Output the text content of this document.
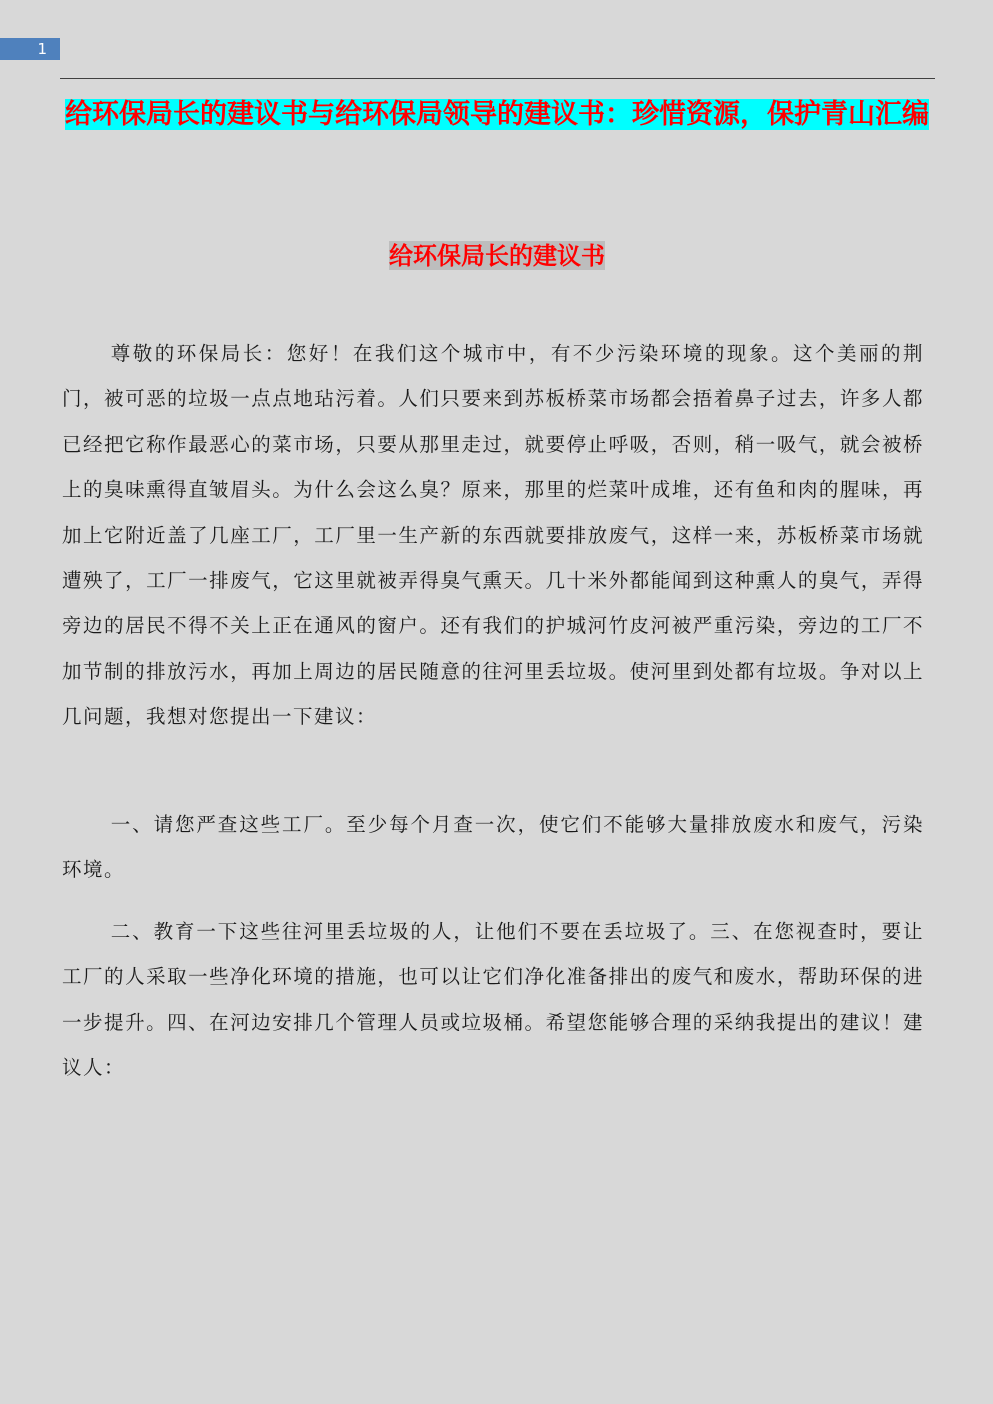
1
给环保局长的建议书与给环保局领导的建议书：珍惜资源，保护青山汇编
给环保局长的建议书

尊敬的环保局长：您好！在我们这个城市中，有不少污染环境的现象。这个美丽的荆门，被可恶的垃圾一点点地玷污着。人们只要来到苏板桥菜市场都会捂着鼻子过去，许多人都已经把它称作最恶心的菜市场，只要从那里走过，就要停止呼吸，否则，稍一吸气，就会被桥上的臭味熏得直皱眉头。为什么会这么臭？原来，那里的烂菜叶成堆，还有鱼和肉的腥味，再加上它附近盖了几座工厂，工厂里一生产新的东西就要排放废气，这样一来，苏板桥菜市场就遭殃了，工厂一排废气，它这里就被弄得臭气熏天。几十米外都能闻到这种熏人的臭气，弄得旁边的居民不得不关上正在通风的窗户。还有我们的护城河竹皮河被严重污染，旁边的工厂不加节制的排放污水，再加上周边的居民随意的往河里丢垃圾。使河里到处都有垃圾。争对以上几问题，我想对您提出一下建议：

一、请您严查这些工厂。至少每个月查一次，使它们不能够大量排放废水和废气，污染环境。

二、教育一下这些往河里丢垃圾的人，让他们不要在丢垃圾了。三、在您视查时，要让工厂的人采取一些净化环境的措施，也可以让它们净化准备排出的废气和废水，帮助环保的进一步提升。四、在河边安排几个管理人员或垃圾桶。希望您能够合理的采纳我提出的建议！建议人：
